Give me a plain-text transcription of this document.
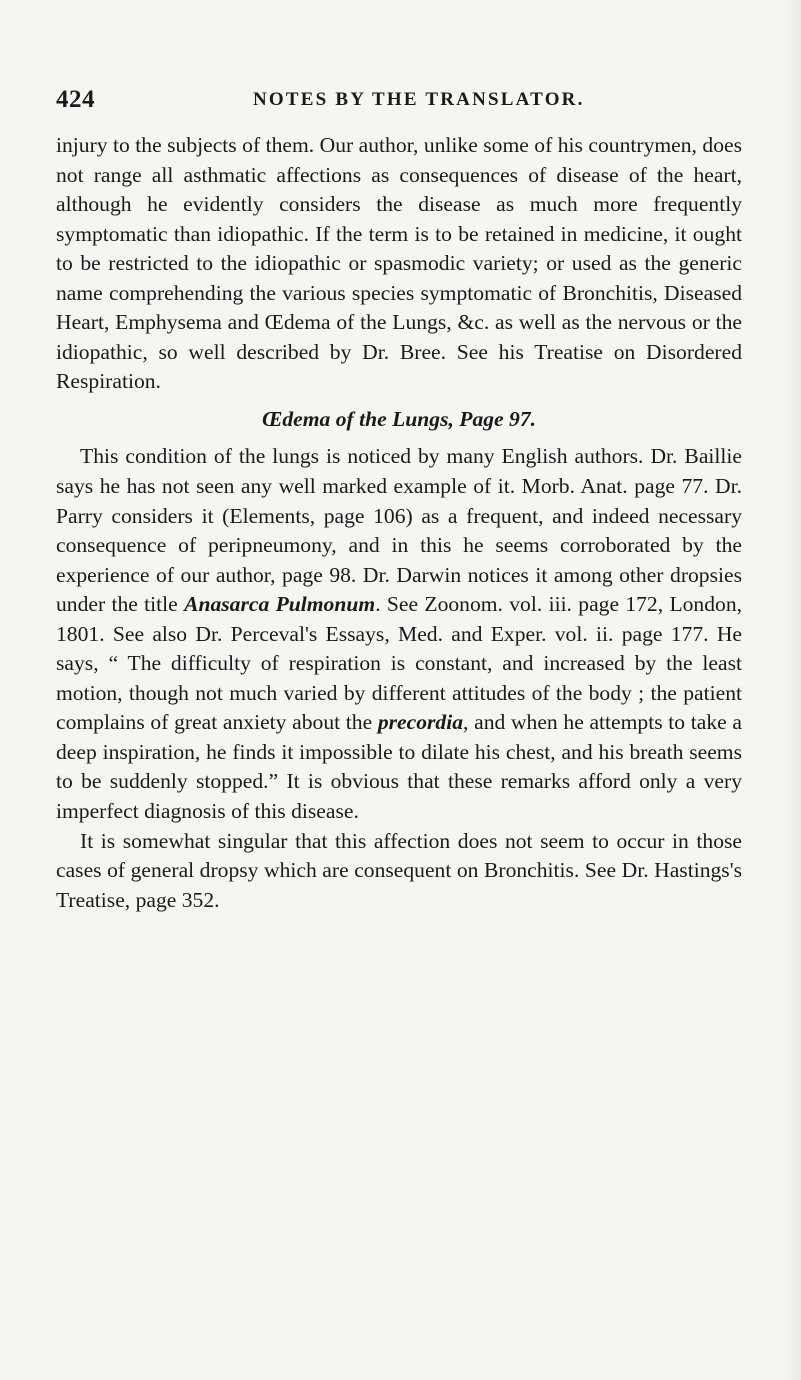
424	NOTES BY THE TRANSLATOR.

injury to the subjects of them. Our author, unlike some of his countrymen, does not range all asthmatic affections as consequences of disease of the heart, although he evidently considers the disease as much more frequently symptomatic than idiopathic. If the term is to be retained in medicine, it ought to be restricted to the idiopathic or spasmodic variety; or used as the generic name comprehending the various species symptomatic of Bronchitis, Diseased Heart, Emphysema and Œdema of the Lungs, &c. as well as the nervous or the idiopathic, so well described by Dr. Bree. See his Treatise on Disordered Respiration.

Œdema of the Lungs, Page 97.

This condition of the lungs is noticed by many English authors. Dr. Baillie says he has not seen any well marked example of it. Morb. Anat. page 77. Dr. Parry considers it (Elements, page 106) as a frequent, and indeed necessary consequence of peripneumony, and in this he seems corroborated by the experience of our author, page 98. Dr. Darwin notices it among other dropsies under the title Anasarca Pulmonum. See Zoonom. vol. iii. page 172, London, 1801. See also Dr. Perceval's Essays, Med. and Exper. vol. ii. page 177. He says, “ The difficulty of respiration is constant, and increased by the least motion, though not much varied by different attitudes of the body ; the patient complains of great anxiety about the precordia, and when he attempts to take a deep inspiration, he finds it impossible to dilate his chest, and his breath seems to be suddenly stopped.” It is obvious that these remarks afford only a very imperfect diagnosis of this disease.

It is somewhat singular that this affection does not seem to occur in those cases of general dropsy which are consequent on Bronchitis. See Dr. Hastings's Treatise, page 352.
